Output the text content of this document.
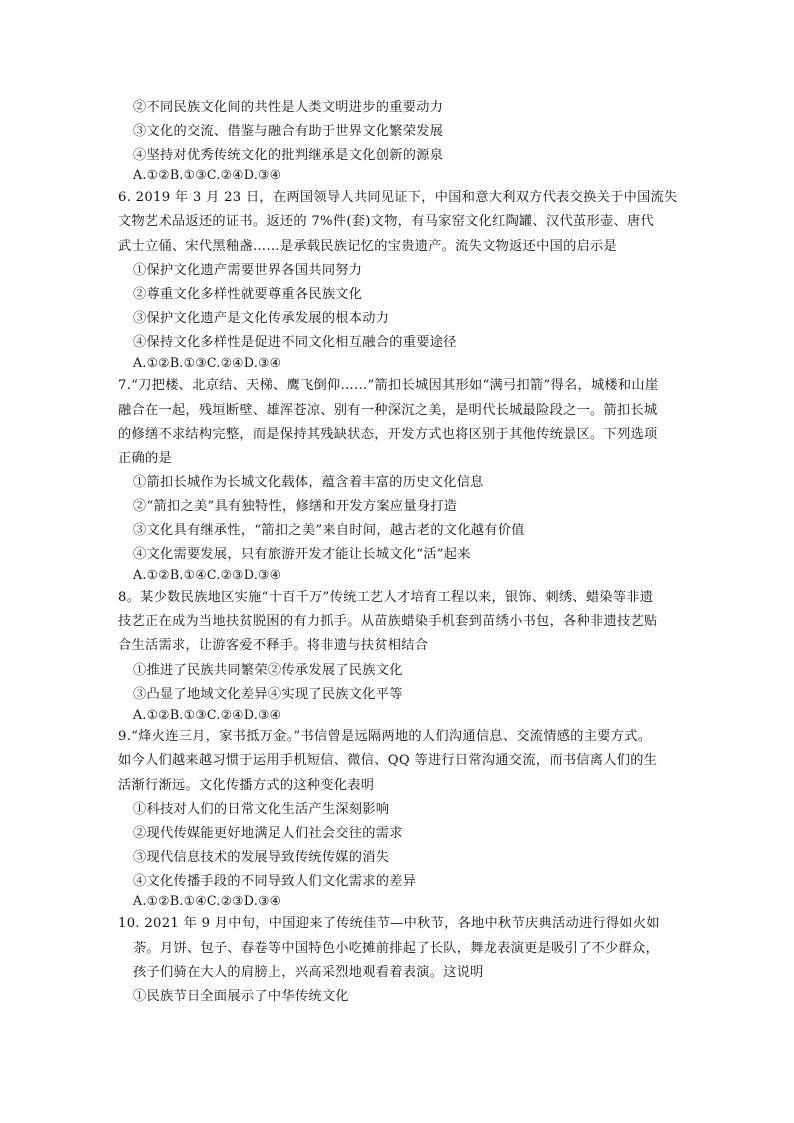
②不同民族文化间的共性是人类文明进步的重要动力
③文化的交流、借鉴与融合有助于世界文化繁荣发展
④坚持对优秀传统文化的批判继承是文化创新的源泉
A.①②B.①③C.②④D.③④
6. 2019 年 3 月 23 日，在两国领导人共同见证下，中国和意大利双方代表交换关于中国流失
文物艺术品返还的证书。返还的 7%件(套)文物，有马家窑文化红陶罐、汉代茧形壶、唐代
武士立俑、宋代黑釉盏……是承载民族记忆的宝贵遗产。流失文物返还中国的启示是
①保护文化遗产需要世界各国共同努力
②尊重文化多样性就要尊重各民族文化
③保护文化遗产是文化传承发展的根本动力
④保持文化多样性是促进不同文化相互融合的重要途径
A.①②B.①③C.②④D.③④
7.“刀把楼、北京结、天梯、鹰飞倒仰……”箭扣长城因其形如“满弓扣箭”得名，城楼和山崖
融合在一起，残垣断壁、雄浑苍凉、别有一种深沉之美，是明代长城最险段之一。箭扣长城
的修缮不求结构完整，而是保持其残缺状态，开发方式也将区别于其他传统景区。下列选项
正确的是
①箭扣长城作为长城文化载体，蕴含着丰富的历史文化信息
②“箭扣之美”具有独特性，修缮和开发方案应量身打造
③文化具有继承性，“箭扣之美”来自时间，越古老的文化越有价值
④文化需要发展，只有旅游开发才能让长城文化“活”起来
A.①②B.①④C.②③D.③④
8。某少数民族地区实施“十百千万”传统工艺人才培育工程以来，银饰、刺绣、蜡染等非遗
技艺正在成为当地扶贫脱困的有力抓手。从苗族蜡染手机套到苗绣小书包，各种非遗技艺贴
合生活需求，让游客爱不释手。将非遗与扶贫相结合
①推进了民族共同繁荣②传承发展了民族文化
③凸显了地域文化差异④实现了民族文化平等
A.①②B.①③C.②④D.③④
9.“烽火连三月，家书抵万金。”书信曾是远隔两地的人们沟通信息、交流情感的主要方式。
如今人们越来越习惯于运用手机短信、微信、QQ 等进行日常沟通交流，而书信离人们的生
活渐行渐远。文化传播方式的这种变化表明
①科技对人们的日常文化生活产生深刻影响
②现代传媒能更好地满足人们社会交往的需求
③现代信息技术的发展导致传统传媒的消失
④文化传播手段的不同导致人们文化需求的差异
A.①②B.①④C.②③D.③④
10. 2021 年 9 月中旬，中国迎来了传统佳节—中秋节，各地中秋节庆典活动进行得如火如
荼。月饼、包子、春卷等中国特色小吃摊前排起了长队，舞龙表演更是吸引了不少群众，
孩子们骑在大人的肩膀上，兴高采烈地观看着表演。这说明
①民族节日全面展示了中华传统文化
